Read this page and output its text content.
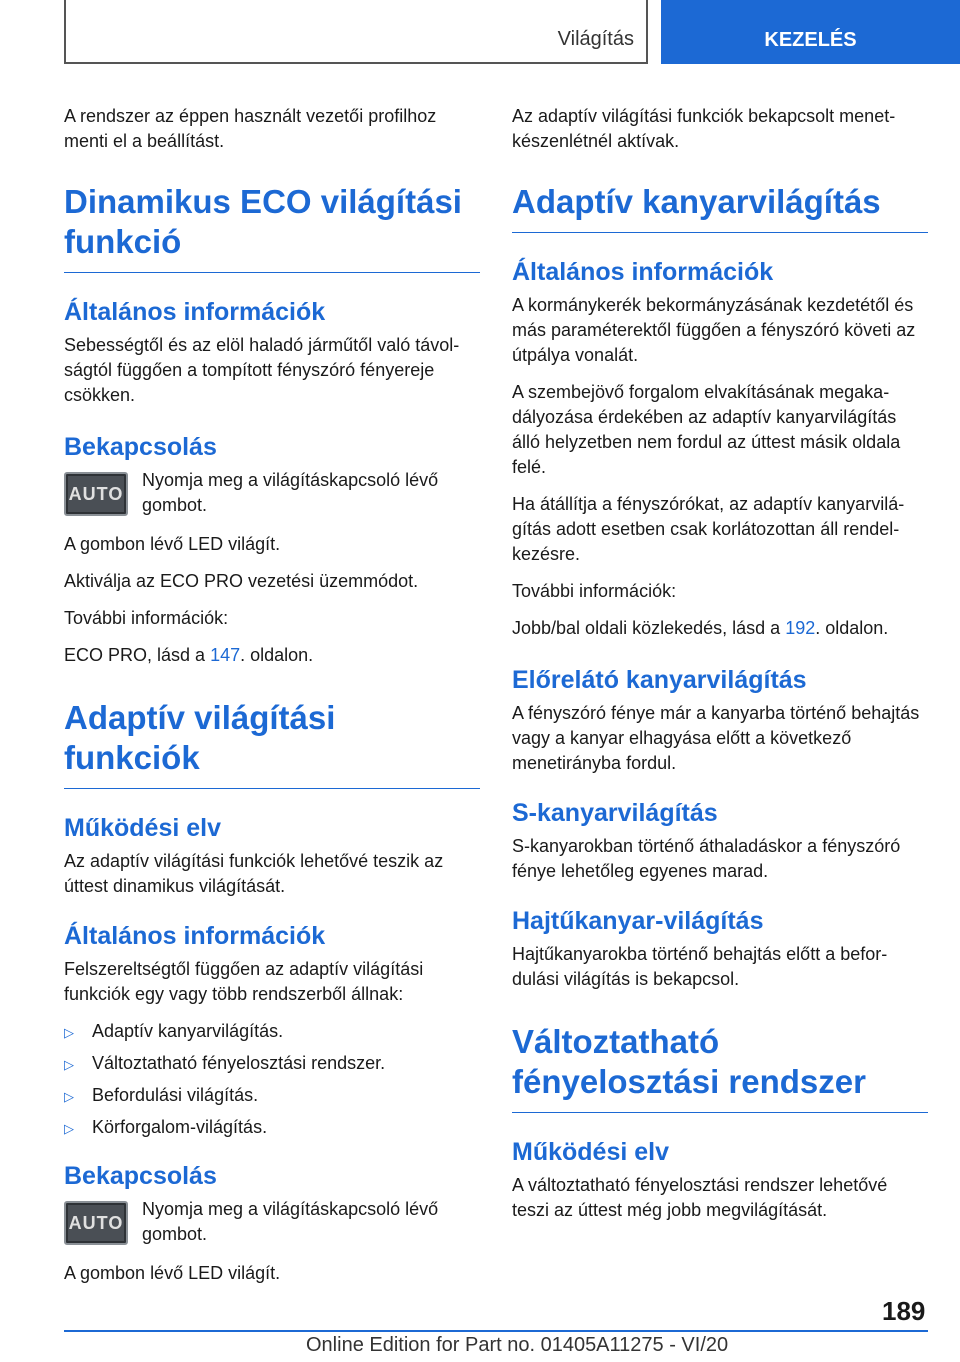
Világítás	KEZELÉS

A rendszer az éppen használt vezetői profilhoz menti el a beállítást.

Dinamikus ECO világítási funkció
Általános információk

Sebességtől és az elöl haladó járműtől való távolságtól függően a tompított fényszóró fényereje csökken.

Bekapcsolás
AUTO

Nyomja meg a világításkapcsoló lévő gombot.

A gombon lévő LED világít.

Aktiválja az ECO PRO vezetési üzemmódot.

További információk:

ECO PRO, lásd a 147. oldalon.

Adaptív világítási funkciók
Működési elv

Az adaptív világítási funkciók lehetővé teszik az úttest dinamikus világítását.

Általános információk

Felszereltségtől függően az adaptív világítási funkciók egy vagy több rendszerből állnak:

▷	Adaptív kanyarvilágítás.
▷	Változtatható fényelosztási rendszer.
▷	Befordulási világítás.
▷	Körforgalom-világítás.
Bekapcsolás
AUTO

Nyomja meg a világításkapcsoló lévő gombot.

A gombon lévő LED világít.

Az adaptív világítási funkciók bekapcsolt menetkészenlétnél aktívak.

Adaptív kanyarvilágítás
Általános információk

A kormánykerék bekormányzásának kezdetétől és más paraméterektől függően a fényszóró követi az útpálya vonalát.

A szembejövő forgalom elvakításának megakadályozása érdekében az adaptív kanyarvilágítás álló helyzetben nem fordul az úttest másik oldala felé.

Ha átállítja a fényszórókat, az adaptív kanyarvilágítás adott esetben csak korlátozottan áll rendelkezésre.

További információk:

Jobb/bal oldali közlekedés, lásd a 192. oldalon.

Előrelátó kanyarvilágítás

A fényszóró fénye már a kanyarba történő behajtás vagy a kanyar elhagyása előtt a következő menetirányba fordul.

S-kanyarvilágítás

S-kanyarokban történő áthaladáskor a fényszóró fénye lehetőleg egyenes marad.

Hajtűkanyar-világítás

Hajtűkanyarokba történő behajtás előtt a befordulási világítás is bekapcsol.

Változtatható fényelosztási rendszer
Működési elv

A változtatható fényelosztási rendszer lehetővé teszi az úttest még jobb megvilágítását.

189
Online Edition for Part no. 01405A11275 - VI/20
